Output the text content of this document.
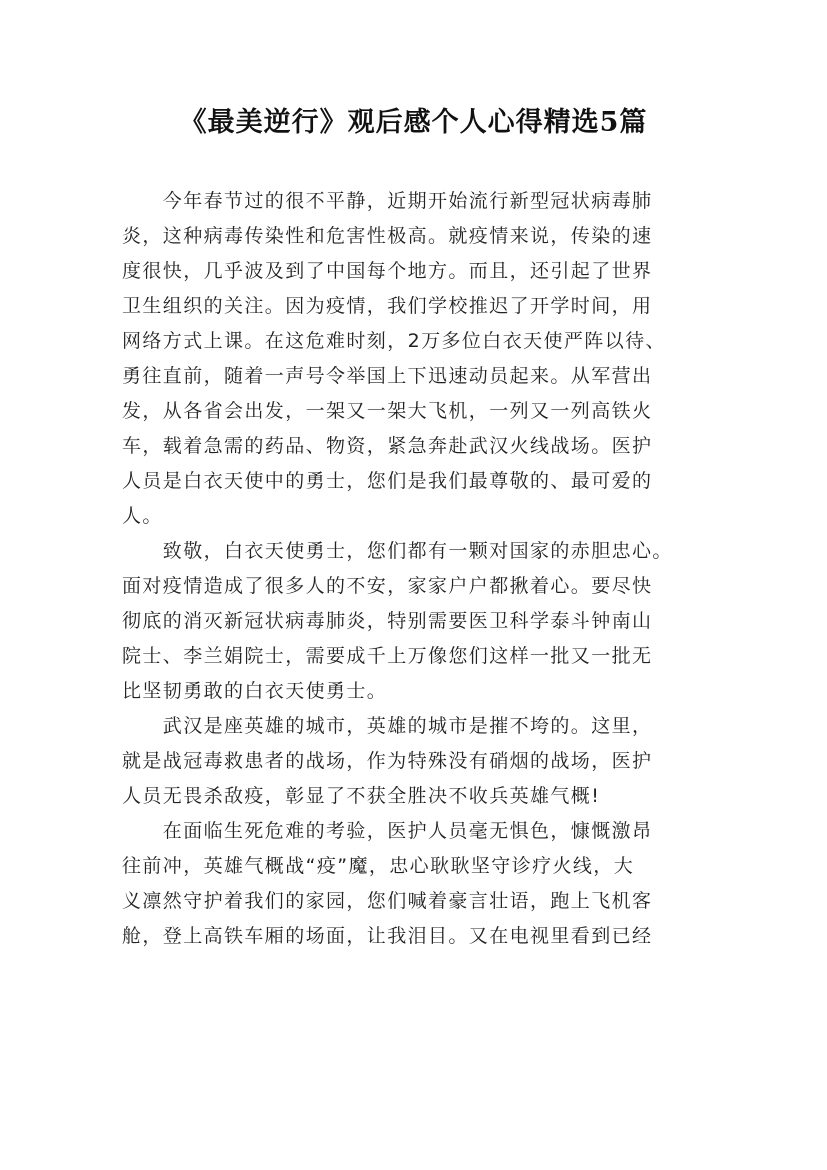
《最美逆行》观后感个人心得精选5篇
　　今年春节过的很不平静，近期开始流行新型冠状病毒肺
炎，这种病毒传染性和危害性极高。就疫情来说，传染的速
度很快，几乎波及到了中国每个地方。而且，还引起了世界
卫生组织的关注。因为疫情，我们学校推迟了开学时间，用
网络方式上课。在这危难时刻，2万多位白衣天使严阵以待、
勇往直前，随着一声号令举国上下迅速动员起来。从军营出
发，从各省会出发，一架又一架大飞机，一列又一列高铁火
车，载着急需的药品、物资，紧急奔赴武汉火线战场。医护
人员是白衣天使中的勇士，您们是我们最尊敬的、最可爱的
人。
　　致敬，白衣天使勇士，您们都有一颗对国家的赤胆忠心。
面对疫情造成了很多人的不安，家家户户都揪着心。要尽快
彻底的消灭新冠状病毒肺炎，特别需要医卫科学泰斗钟南山
院士、李兰娟院士，需要成千上万像您们这样一批又一批无
比坚韧勇敢的白衣天使勇士。
　　武汉是座英雄的城市，英雄的城市是摧不垮的。这里，
就是战冠毒救患者的战场，作为特殊没有硝烟的战场，医护
人员无畏杀敌疫，彰显了不获全胜决不收兵英雄气概!
　　在面临生死危难的考验，医护人员毫无惧色，慷慨激昂
往前冲，英雄气概战“疫”魔，忠心耿耿坚守诊疗火线，大
义凛然守护着我们的家园，您们喊着豪言壮语，跑上飞机客
舱，登上高铁车厢的场面，让我泪目。又在电视里看到已经
